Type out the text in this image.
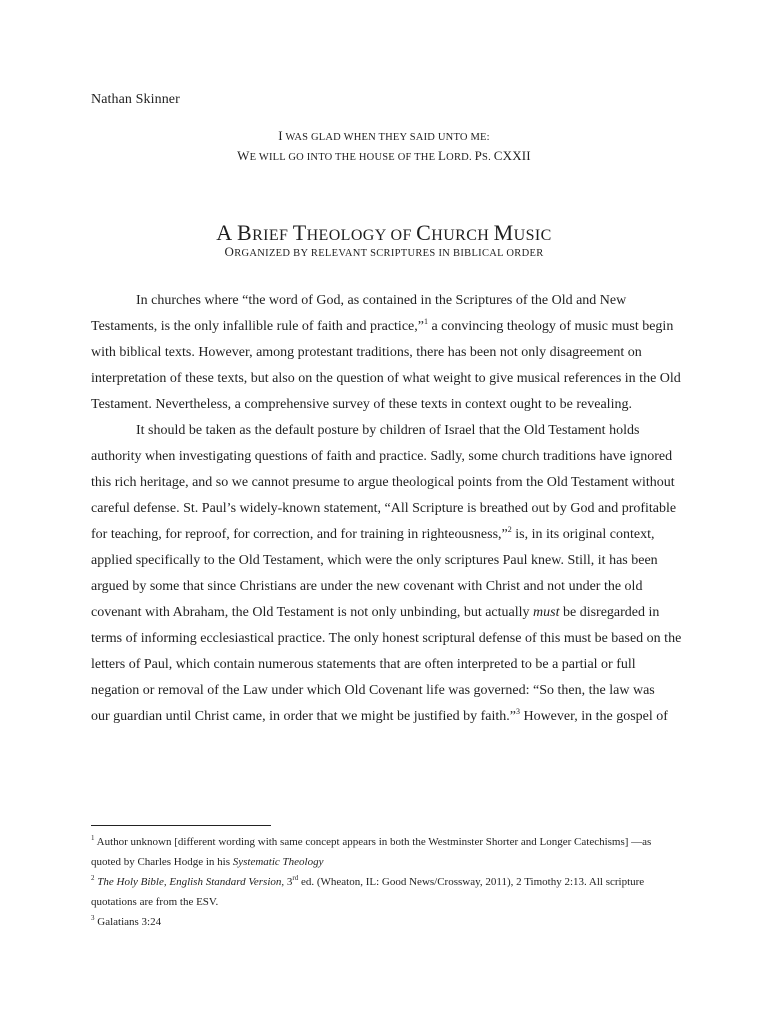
Nathan Skinner
I WAS GLAD WHEN THEY SAID UNTO ME:
WE WILL GO INTO THE HOUSE OF THE LORD. PS. CXXII
A BRIEF THEOLOGY OF CHURCH MUSIC
ORGANIZED BY RELEVANT SCRIPTURES IN BIBLICAL ORDER
In churches where “the word of God, as contained in the Scriptures of the Old and New
Testaments, is the only infallible rule of faith and practice,”$^1$ a convincing theology of music must begin
with biblical texts. However, among protestant traditions, there has been not only disagreement on
interpretation of these texts, but also on the question of what weight to give musical references in the Old
Testament. Nevertheless, a comprehensive survey of these texts in context ought to be revealing.
It should be taken as the default posture by children of Israel that the Old Testament holds
authority when investigating questions of faith and practice. Sadly, some church traditions have ignored
this rich heritage, and so we cannot presume to argue theological points from the Old Testament without
careful defense. St. Paul’s widely-known statement, “All Scripture is breathed out by God and profitable
for teaching, for reproof, for correction, and for training in righteousness,”$^2$ is, in its original context,
applied specifically to the Old Testament, which were the only scriptures Paul knew. Still, it has been
argued by some that since Christians are under the new covenant with Christ and not under the old
covenant with Abraham, the Old Testament is not only unbinding, but actually must be disregarded in
terms of informing ecclesiastical practice. The only honest scriptural defense of this must be based on the
letters of Paul, which contain numerous statements that are often interpreted to be a partial or full
negation or removal of the Law under which Old Covenant life was governed: “So then, the law was
our guardian until Christ came, in order that we might be justified by faith.”$^3$ However, in the gospel of
$^1$ Author unknown [different wording with same concept appears in both the Westminster Shorter and Longer Catechisms] —as
quoted by Charles Hodge in his Systematic Theology
$^2$ The Holy Bible, English Standard Version, 3rd ed. (Wheaton, IL: Good News/Crossway, 2011), 2 Timothy 2:13. All scripture
quotations are from the ESV.
$^3$ Galatians 3:24
